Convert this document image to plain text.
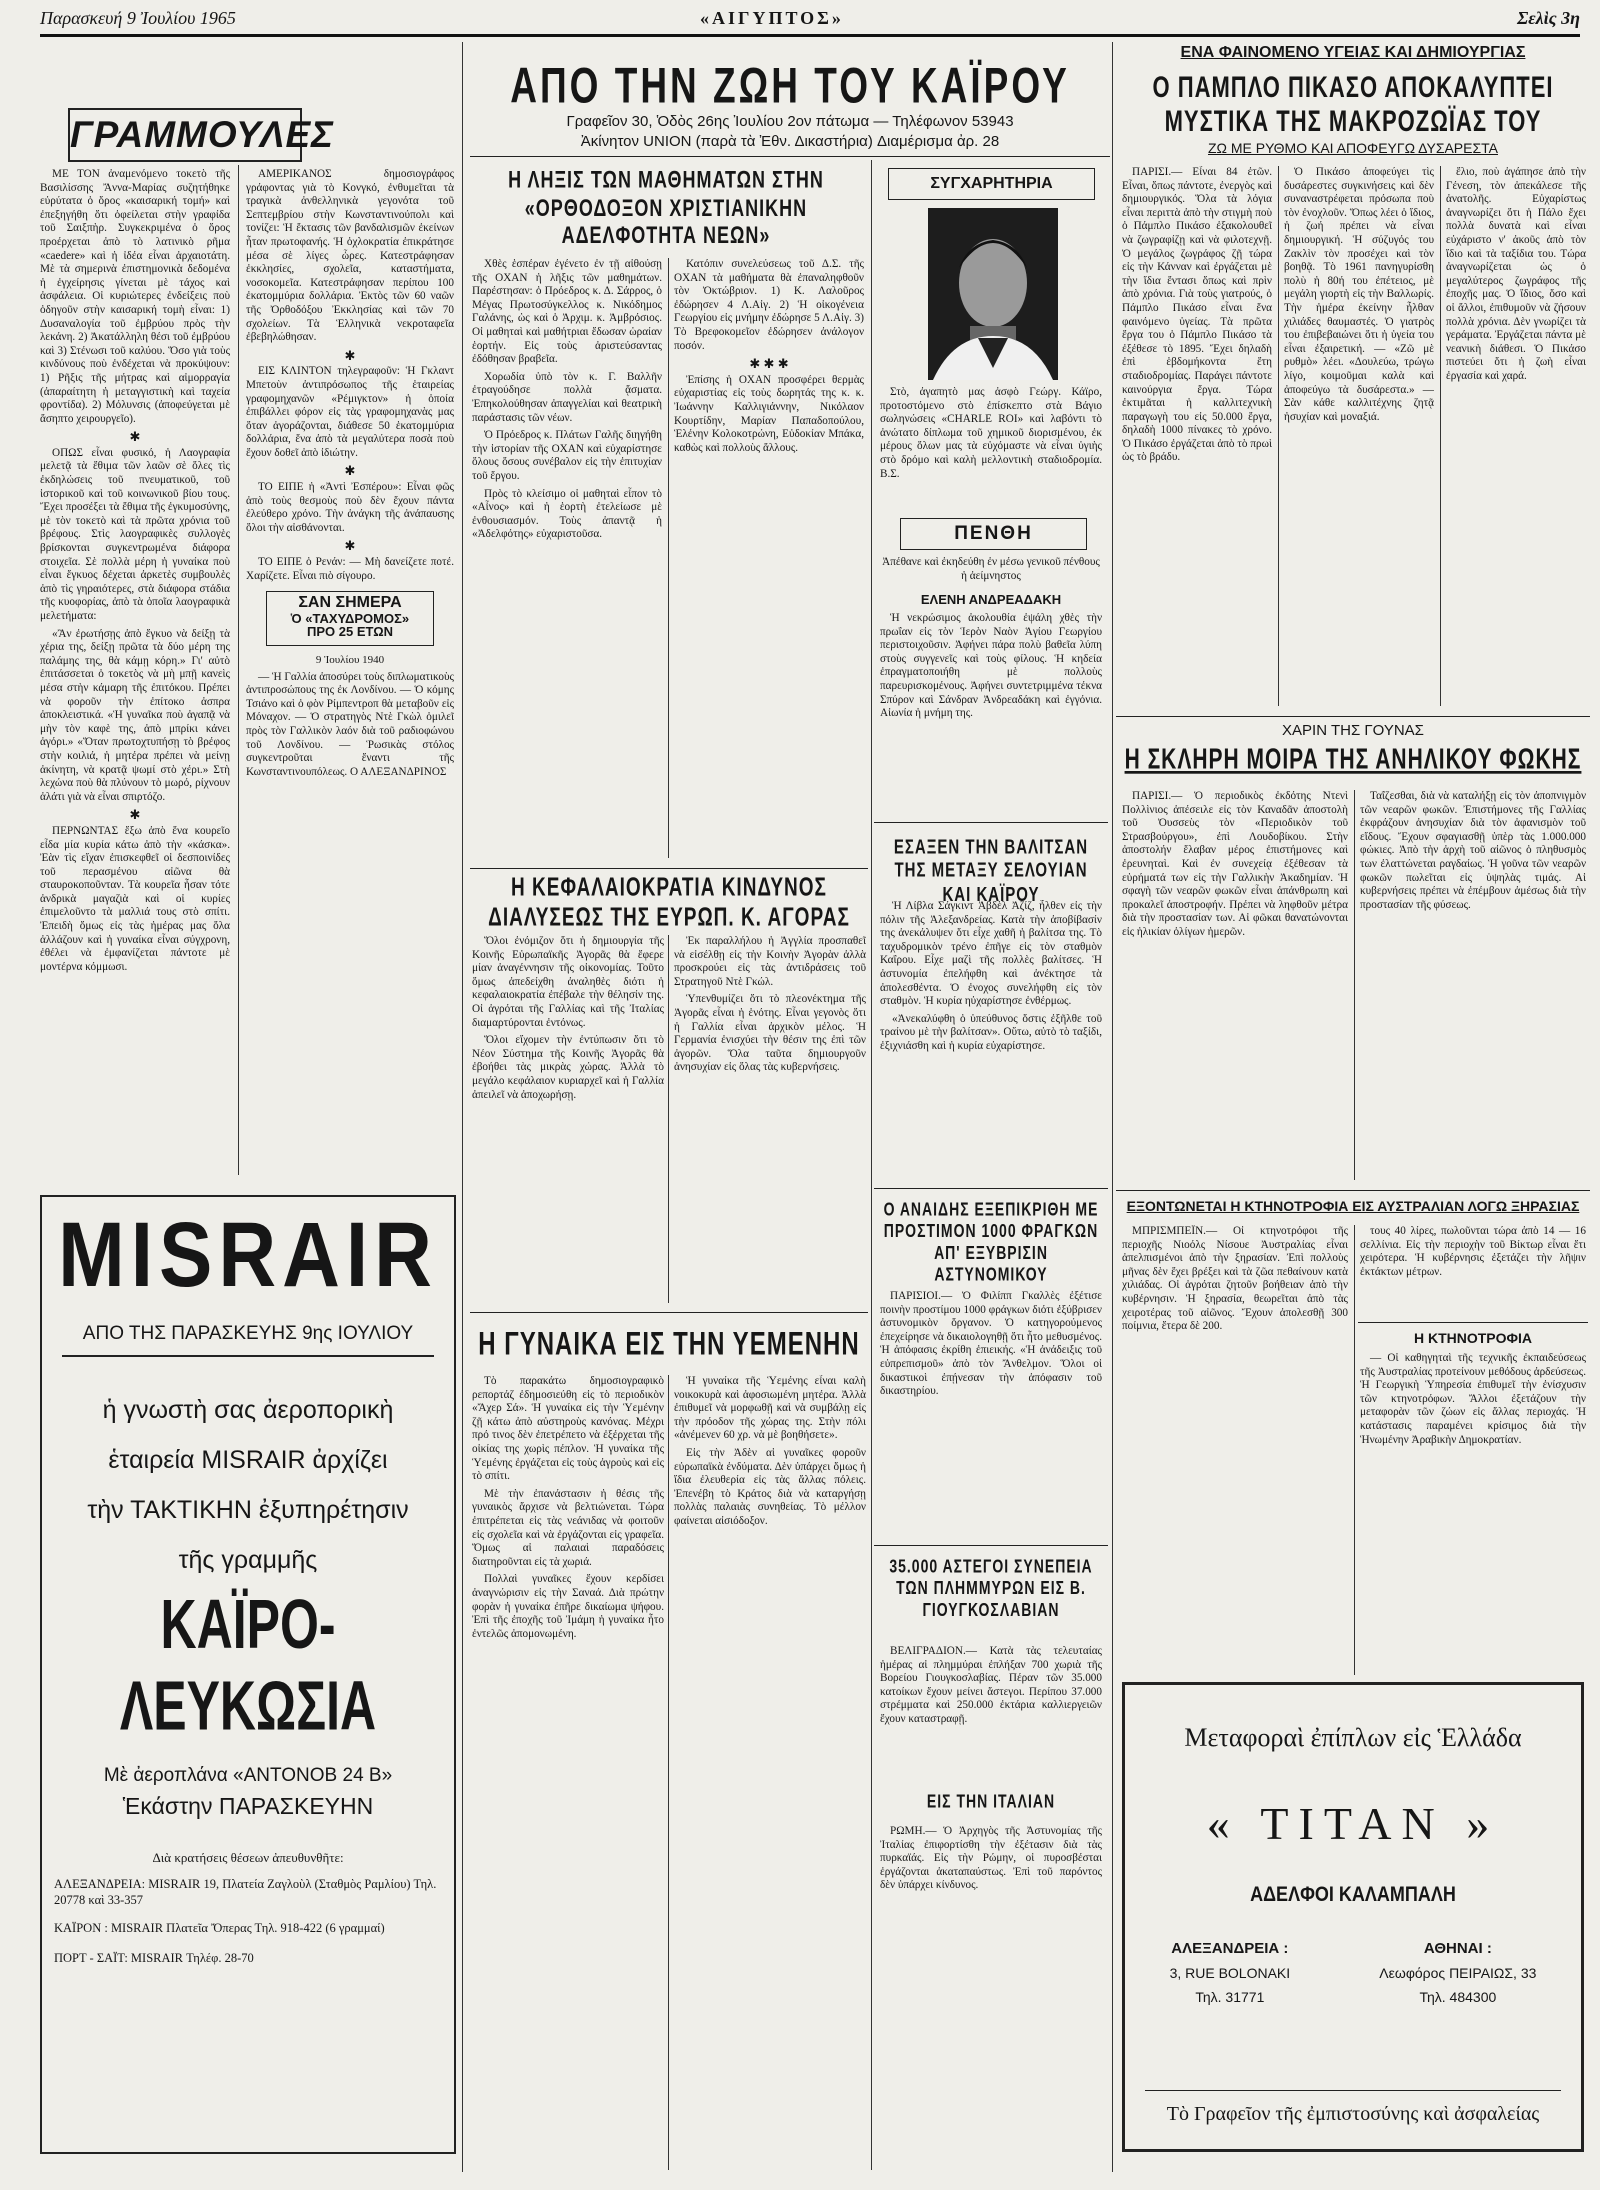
Παρασκευή 9 Ἰουλίου 1965	«ΑΙΓΥΠΤΟΣ»	Σελὶς 3η
ΓΡΑΜΜΟΥΛΕΣ

ΜΕ ΤΟΝ ἀναμενόμενο τοκετὸ τῆς Βασιλίσσης Ἄννα-Μαρίας συζητήθηκε εὐρύτατα ὁ ὅρος «καισαρική τομή» καὶ ἐπεξηγήθη ὅτι ὀφείλεται στὴν γραφίδα τοῦ Σαιξπὴρ. Συγκεκριμένα ὁ ὅρος προέρχεται ἀπὸ τὸ λατινικὸ ρῆμα «caedere» καὶ ἡ ἰδέα εἶναι ἀρχαιοτάτη. Μὲ τὰ σημερινὰ ἐπιστημονικὰ δεδομένα ἡ ἐγχείρησις γίνεται μὲ τάχος καὶ ἀσφάλεια. Οἱ κυριώτερες ἐνδείξεις ποὺ ὁδηγοῦν στὴν καισαρική τομὴ εἶναι: 1) Δυσαναλογία τοῦ ἐμβρύου πρὸς τὴν λεκάνη. 2) Ἀκατάλληλη θέσι τοῦ ἐμβρύου καὶ 3) Στένωσι τοῦ καλύου. Ὅσο γιὰ τοὺς κινδύνους ποὺ ἐνδέχεται νὰ προκύψουν: 1) Ρῆξις τῆς μήτρας καὶ αἱμορραγία (ἀπαραίτητη ἡ μεταγγιστικὴ καὶ ταχεία φροντίδα). 2) Μόλυνσις (ἀποφεύγεται μὲ ἄσηπτο χειρουργεῖο).

✱

ΟΠΩΣ εἶναι φυσικό, ἡ Λαογραφία μελετᾷ τὰ ἔθιμα τῶν λαῶν σὲ ὅλες τὶς ἐκδηλώσεις τοῦ πνευματικοῦ, τοῦ ἱστορικοῦ καὶ τοῦ κοινωνικοῦ βίου τους. Ἔχει προσέξει τὰ ἔθιμα τῆς ἐγκυμοσύνης, μὲ τὸν τοκετὸ καὶ τὰ πρῶτα χρόνια τοῦ βρέφους. Στὶς λαογραφικὲς συλλογὲς βρίσκονται συγκεντρωμένα διάφορα στοιχεῖα. Σὲ πολλὰ μέρη ἡ γυναίκα ποὺ εἶναι ἔγκυος δέχεται ἀρκετὲς συμβουλὲς ἀπὸ τὶς γηραιότερες, στὰ διάφορα στάδια τῆς κυοφορίας, ἀπὸ τὰ ὁποῖα λαογραφικὰ μελετήματα:

«Ἂν ἐρωτήσῃς ἀπὸ ἔγκυο νὰ δείξῃ τὰ χέρια της, δείξῃ πρῶτα τὰ δύο μέρη της παλάμης της, θὰ κάμῃ κόρη.» Γι' αὐτὸ ἐπιτάσσεται ὁ τοκετὸς νὰ μὴ μπῇ κανεὶς μέσα στὴν κάμαρη τῆς ἐπιτόκου. Πρέπει νὰ φοροῦν τὴν ἐπίτοκο ἀσπρα ἀποκλειστικά. «Ἡ γυναῖκα ποὺ ἀγαπᾷ νὰ μὴν τὸν καφὲ της, ἀπὸ μπρίκι κάνει ἀγόρι.» «Ὅταν πρωτοχτυπήσῃ τὸ βρέφος στὴν κοιλιά, ἡ μητέρα πρέπει νὰ μείνῃ ἀκίνητη, νὰ κρατᾷ ψωμί στὸ χέρι.» Στὴ λεχώνα ποὺ θὰ πλύνουν τὸ μωρό, ρίχνουν ἀλάτι γιὰ νὰ εἶναι σπιρτόζο.

✱

ΠΕΡΝΩΝΤΑΣ ἔξω ἀπὸ ἕνα κουρεῖο εἶδα μία κυρία κάτω ἀπὸ τὴν «κάσκα». Ἐὰν τὶς εἴχαν ἐπισκεφθεῖ οἱ δεσποινίδες τοῦ περασμένου αἰῶνα θὰ σταυροκοποῦνταν. Τὰ κουρεῖα ἦσαν τότε ἀνδρικὰ μαγαζιὰ καὶ οἱ κυρίες ἐπιμελοῦντο τὰ μαλλιά τους στὸ σπίτι. Ἐπειδὴ ὅμως εἰς τὰς ἡμέρας μας ὅλα ἀλλάζουν καὶ ἡ γυναίκα εἶναι σύγχρονη, ἐθέλει νὰ ἐμφανίζεται πάντοτε μὲ μοντέρνα κόμμωσι.

ΑΜΕΡΙΚΑΝΟΣ δημοσιογράφος γράφοντας γιὰ τὸ Κονγκό, ἐνθυμεῖται τὰ τραγικὰ ἀνθελληνικὰ γεγονότα τοῦ Σεπτεμβρίου στὴν Κωνσταντινούπολι καὶ τονίζει: Ἡ ἔκτασις τῶν βανδαλισμῶν ἐκείνων ἦταν πρωτοφανής. Ἡ ὀχλοκρατία ἐπικράτησε μέσα σὲ λίγες ὧρες. Κατεστράφησαν ἐκκλησίες, σχολεῖα, καταστήματα, νοσοκομεῖα. Κατεστράφησαν περίπου 100 ἐκατομμύρια δολλάρια. Ἐκτὸς τῶν 60 ναῶν τῆς Ὀρθοδόξου Ἐκκλησίας καὶ τῶν 70 σχολείων. Τὰ Ἑλληνικὰ νεκροταφεῖα ἐβεβηλώθησαν.

✱

ΕΙΣ ΚΛΙΝΤΟΝ τηλεγραφοῦν: Ἡ Γκλαντ Μπετοὺν ἀντιπρόσωπος τῆς ἑταιρείας γραφομηχανῶν «Ρέμιγκτον» ἡ ὁποία ἐπιβάλλει φόρον εἰς τὰς γραφομηχανὰς μας ὅταν ἀγοράζονται, διάθεσε 50 ἑκατομμύρια δολλάρια, ἕνα ἀπὸ τὰ μεγαλύτερα ποσὰ ποὺ ἔχουν δοθεῖ ἀπὸ ἰδιώτην.

✱

ΤΟ ΕΙΠΕ ἡ «Ἀντὶ Ἐσπέρου»: Εἶναι φῶς ἀπὸ τοὺς θεσμοὺς ποὺ δὲν ἔχουν πάντα ἐλεύθερο χρόνο. Τὴν ἀνάγκη τῆς ἀνάπαυσης ὅλοι τὴν αἰσθάνονται.

✱

ΤΟ ΕΙΠΕ ὁ Ρενάν: — Μὴ δανείζετε ποτέ. Χαρίζετε. Εἶναι πιὸ σίγουρο.

ΣΑΝ ΣΗΜΕΡΑ
Ὁ «ΤΑΧΥΔΡΟΜΟΣ» ΠΡΟ 25 ΕΤΩΝ
9 Ἰουλίου 1940

— Ἡ Γαλλία ἀποσύρει τοὺς διπλωματικοὺς ἀντιπροσώπους της ἐκ Λονδίνου. — Ὁ κόμης Τσιάνο καὶ ὁ φὸν Ρίμπεντροπ θὰ μεταβοῦν εἰς Μόναχον. — Ὁ στρατηγὸς Ντὲ Γκὼλ ὁμιλεῖ πρὸς τὸν Γαλλικὸν λαόν διὰ τοῦ ραδιοφώνου τοῦ Λονδίνου. — Ῥωσικὰς στόλος συγκεντροῦται ἔναντι τῆς Κωνσταντινουπόλεως. Ο ΑΛΕΞΑΝΔΡΙΝΟΣ

MISRAIR
ΑΠΟ ΤΗΣ ΠΑΡΑΣΚΕΥΗΣ 9ης ΙΟΥΛΙΟΥ
ἡ γνωστὴ σας ἀεροπορικὴ
ἑταιρεία MISRAIR ἀρχίζει
τὴν ΤΑΚΤΙΚΗΝ ἐξυπηρέτησιν
τῆς γραμμῆς
ΚΑΪΡΟ-ΛΕΥΚΩΣΙΑ
Μὲ ἀεροπλάνα «ΑΝΤΟΝΟΒ 24 Β»
Ἑκάστην ΠΑΡΑΣΚΕΥΗΝ
Διὰ κρατήσεις θέσεων ἀπευθυνθῆτε:
ΑΛΕΞΑΝΔΡΕΙΑ: MISRAIR 19, Πλατεία Ζαγλοὺλ (Σταθμὸς Ραμλίου) Τηλ. 20778 καὶ 33-357
ΚΑΪΡΟΝ : MISRAIR Πλατεῖα Ὄπερας Τηλ. 918-422 (6 γραμμαί)
ΠΟΡΤ - ΣΑΪΤ: MISRAIR Τηλέφ. 28-70
ΑΠΟ ΤΗΝ ΖΩΗ ΤΟΥ ΚΑΪΡΟΥ
Γραφεῖον 30, Ὁδὸς 26ης Ἰουλίου 2ον πάτωμα — Τηλέφωνον 53943
Ἀκίνητον UNION (παρὰ τὰ Ἐθν. Δικαστήρια) Διαμέρισμα ἀρ. 28
Η ΛΗΞΙΣ ΤΩΝ ΜΑΘΗΜΑΤΩΝ ΣΤΗΝ «ΟΡΘΟΔΟΞΟΝ ΧΡΙΣΤΙΑΝΙΚΗΝ ΑΔΕΛΦΟΤΗΤΑ ΝΕΩΝ»

Χθὲς ἑσπέραν ἐγένετο ἐν τῇ αἰθούσῃ τῆς ΟΧΑΝ ἡ λῆξις τῶν μαθημάτων. Παρέστησαν: ὁ Πρόεδρος κ. Δ. Σάρρος, ὁ Μέγας Πρωτοσύγκελλος κ. Νικόδημος Γαλάνης, ὡς καὶ ὁ Ἀρχιμ. κ. Ἀμβρόσιος. Οἱ μαθηταὶ καὶ μαθήτριαι ἔδωσαν ὡραίαν ἑορτήν. Εἰς τοὺς ἀριστεύσαντας ἐδόθησαν βραβεῖα.

Χορωδία ὑπὸ τὸν κ. Γ. Βαλλῆν ἐτραγούδησε πολλὰ ᾄσματα. Ἐπηκολούθησαν ἀπαγγελίαι καὶ θεατρικὴ παράστασις τῶν νέων.

Ὁ Πρόεδρος κ. Πλάτων Γαλῆς διηγήθη τὴν ἱστορίαν τῆς ΟΧΑΝ καὶ εὐχαρίστησε ὅλους ὅσους συνέβαλον εἰς τὴν ἐπιτυχίαν τοῦ ἔργου.

Πρὸς τὸ κλείσιμο οἱ μαθηταὶ εἶπον τὸ «Αἶνος» καὶ ἡ ἑορτὴ ἐτελείωσε μὲ ἐνθουσιασμόν. Τοὺς ἀπαντᾷ ἡ «Ἀδελφότης» εὐχαριστοῦσα.

Κατόπιν συνελεύσεως τοῦ Δ.Σ. τῆς ΟΧΑΝ τὰ μαθήματα θὰ ἐπαναληφθοῦν τὸν Ὀκτώβριον. 1) Κ. Λαλοῦρος ἐδώρησεν 4 Λ.Αἰγ. 2) Ἡ οἰκογένεια Γεωργίου εἰς μνήμην ἐδώρησε 5 Λ.Αἰγ. 3) Τὸ Βρεφοκομεῖον ἐδώρησεν ἀνάλογον ποσόν.

✱ ✱ ✱

Ἐπίσης ἡ ΟΧΑΝ προσφέρει θερμὰς εὐχαριστίας εἰς τοὺς δωρητάς της κ. κ. Ἰωάννην Καλλιγιάννην, Νικόλαον Κουρτίδην, Μαρίαν Παπαδοπούλου, Ἑλένην Κολοκοτρώνη, Εὐδοκίαν Μπάκα, καθὼς καὶ πολλοὺς ἄλλους.

ΣΥΓΧΑΡΗΤΗΡΙΑ
Στὸ, ἀγαπητὸ μας ἀσφὸ Γεώργ. Κάϊρο, προτοστόμενο στὸ ἐπίσκεπτο στὰ Βάγιο σωληνώσεις «CHARLE ROI» καὶ λαβόντι τὸ ἀνώτατο δίπλωμα τοῦ χημικοῦ διορισμένου, ἐκ μέρους ὅλων μας τὰ εὐχόμαστε νὰ εἶναι ὑγιὴς στὸ δρόμο καὶ καλὴ μελλοντικὴ σταδιοδρομία. Β.Σ.
ΠΕΝΘΗ
Ἀπέθανε καὶ ἐκηδεύθη ἐν μέσω γενικοῦ πένθους ἡ ἀείμνηστος
ΕΛΕΝΗ ΑΝΔΡΕΑΔΑΚΗ
Ἡ νεκρώσιμος ἀκολουθία ἐψάλη χθὲς τὴν πρωΐαν εἰς τὸν Ἱερὸν Ναὸν Ἁγίου Γεωργίου περιστοιχοῦσιν. Ἀφήνει πάρα πολὺ βαθεῖα λύπη στοὺς συγγενεῖς καὶ τοὺς φίλους. Ἡ κηδεία ἐπραγματοποιήθη μὲ πολλοὺς παρευρισκομένους. Ἀφήνει συντετριμμένα τέκνα Σπύρον καὶ Σάνδραν Ἀνδρεαδάκη καὶ ἐγγόνια. Αἰωνία ἡ μνήμη της.
Η ΚΕΦΑΛΑΙΟΚΡΑΤΙΑ ΚΙΝΔΥΝΟΣ ΔΙΑΛΥΣΕΩΣ ΤΗΣ ΕΥΡΩΠ. Κ. ΑΓΟΡΑΣ

Ὅλοι ἐνόμιζον ὅτι ἡ δημιουργία τῆς Κοινῆς Εὐρωπαϊκῆς Ἀγορᾶς θὰ ἔφερε μίαν ἀναγέννησιν τῆς οἰκονομίας. Τοῦτο ὅμως ἀπεδείχθη ἀναληθὲς διότι ἡ κεφαλαιοκρατία ἐπέβαλε τὴν θέλησίν της. Οἱ ἀγρόται τῆς Γαλλίας καὶ τῆς Ἰταλίας διαμαρτύρονται ἐντόνως.

Ὅλοι εἴχομεν τὴν ἐντύπωσιν ὅτι τὸ Νέον Σύστημα τῆς Κοινῆς Ἀγορᾶς θὰ ἐβοήθει τὰς μικρὰς χώρας. Ἀλλὰ τὸ μεγάλο κεφάλαιον κυριαρχεῖ καὶ ἡ Γαλλία ἀπειλεῖ νὰ ἀποχωρήσῃ.

Ἐκ παραλλήλου ἡ Ἀγγλία προσπαθεῖ νὰ εἰσέλθῃ εἰς τὴν Κοινὴν Ἀγορὰν ἀλλὰ προσκρούει εἰς τὰς ἀντιδράσεις τοῦ Στρατηγοῦ Ντὲ Γκώλ.

Ὑπενθυμίζει ὅτι τὸ πλεονέκτημα τῆς Ἀγορᾶς εἶναι ἡ ἑνότης. Εἶναι γεγονὸς ὅτι ἡ Γαλλία εἶναι ἀρχικὸν μέλος. Ἡ Γερμανία ἐνισχύει τὴν θέσιν της ἐπὶ τῶν ἀγορῶν. Ὅλα ταῦτα δημιουργοῦν ἀνησυχίαν εἰς ὅλας τὰς κυβερνήσεις.

Η ΓΥΝΑΙΚΑ ΕΙΣ ΤΗΝ ΥΕΜΕΝΗΝ

Τὸ παρακάτω δημοσιογραφικὸ ρεπορτάζ ἐδημοσιεύθη εἰς τὸ περιοδικὸν «Ἄχερ Σά». Ἡ γυναίκα εἰς τὴν Ὑεμένην ζῇ κάτω ἀπὸ αὐστηροὺς κανόνας. Μέχρι πρό τινος δὲν ἐπετρέπετο νὰ ἐξέρχεται τῆς οἰκίας της χωρὶς πέπλον. Ἡ γυναίκα τῆς Ὑεμένης ἐργάζεται εἰς τοὺς ἀγροὺς καὶ εἰς τὸ σπίτι.

Μὲ τὴν ἐπανάστασιν ἡ θέσις τῆς γυναικὸς ἄρχισε νὰ βελτιώνεται. Τώρα ἐπιτρέπεται εἰς τὰς νεάνιδας νὰ φοιτοῦν εἰς σχολεῖα καὶ νὰ ἐργάζονται εἰς γραφεῖα. Ὅμως αἱ παλαιαὶ παραδόσεις διατηροῦνται εἰς τὰ χωριά.

Πολλαὶ γυναῖκες ἔχουν κερδίσει ἀναγνώρισιν εἰς τὴν Σαναά. Διὰ πρώτην φορὰν ἡ γυναίκα ἐπῆρε δικαίωμα ψήφου. Ἐπὶ τῆς ἐποχῆς τοῦ Ἰμάμη ἡ γυναίκα ἦτο ἐντελῶς ἀπομονωμένη.

Ἡ γυναίκα τῆς Ὑεμένης εἶναι καλὴ νοικοκυρὰ καὶ ἀφοσιωμένη μητέρα. Ἀλλὰ ἐπιθυμεῖ νὰ μορφωθῇ καὶ νὰ συμβάλῃ εἰς τὴν πρόοδον τῆς χώρας της. Στὴν πόλι «ἀνέμενεν 60 χρ. νὰ μὲ βοηθήσετε».

Εἰς τὴν Ἀδὲν αἱ γυναῖκες φοροῦν εὐρωπαϊκὰ ἐνδύματα. Δὲν ὑπάρχει ὅμως ἡ ἴδια ἐλευθερία εἰς τὰς ἄλλας πόλεις. Ἐπενέβη τὸ Κράτος διὰ νὰ καταργήσῃ πολλὰς παλαιὰς συνηθείας. Τὸ μέλλον φαίνεται αἰσιόδοξον.

ΕΣΑΞΕΝ ΤΗΝ ΒΑΛΙΤΣΑΝ ΤΗΣ ΜΕΤΑΞΥ ΣΕΛΟΥΙΑΝ ΚΑΙ ΚΑΪΡΟΥ

Ἡ Λίβλα Σάγκιντ Ἀβδὲλ Ἀζίζ, ἦλθεν εἰς τὴν πόλιν τῆς Ἀλεξανδρείας. Κατὰ τὴν ἀποβίβασίν της ἀνεκάλυψεν ὅτι εἶχε χαθῆ ἡ βαλίτσα της. Τὸ ταχυδρομικὸν τρένο ἐπῆγε εἰς τὸν σταθμὸν Καΐρου. Εἶχε μαζὶ τῆς πολλὲς βαλίτσες. Ἡ ἀστυνομία ἐπελήφθη καὶ ἀνέκτησε τὰ ἀπολεσθέντα. Ὁ ἐνοχος συνελήφθη εἰς τὸν σταθμὸν. Ἡ κυρία ηὐχαρίστησε ἐνθέρμως.

«Ἀνεκαλύφθη ὁ ὑπεύθυνος ὅστις ἐξῆλθε τοῦ τραίνου μὲ τὴν βαλίτσαν». Οὕτω, αὐτὸ τὸ ταξίδι, ἐξιχνιάσθη καὶ ἡ κυρία εὐχαρίστησε.

Ο ΑΝΑΙΔΗΣ ΕΞΕΠΙΚΡΙΘΗ ΜΕ ΠΡΟΣΤΙΜΟΝ 1000 ΦΡΑΓΚΩΝ ΑΠ' ΕΞΥΒΡΙΣΙΝ ΑΣΤΥΝΟΜΙΚΟΥ
ΠΑΡΙΣΙΟΙ.— Ὁ Φιλίππ Γκαλλὲς ἐξέτισε ποινὴν προστίμου 1000 φράγκων διότι ἐξύβρισεν ἀστυνομικὸν ὅργανον. Ὁ κατηγορούμενος ἐπεχείρησε νὰ δικαιολογηθῇ ὅτι ἦτο μεθυσμένος. Ἡ ἀπόφασις ἐκρίθη ἐπιεικής. «Ἡ ἀνάδειξις τοῦ εὐπρεπισμοῦ» ἀπὸ τὸν Ἄνθελμον. Ὅλοι οἱ δικαστικοὶ ἐπῄνεσαν τὴν ἀπόφασιν τοῦ δικαστηρίου.
35.000 ΑΣΤΕΓΟΙ ΣΥΝΕΠΕΙΑ ΤΩΝ ΠΛΗΜΜΥΡΩΝ ΕΙΣ Β. ΓΙΟΥΓΚΟΣΛΑΒΙΑΝ
ΒΕΛΙΓΡΑΔΙΟΝ.— Κατὰ τὰς τελευταίας ἡμέρας αἱ πλημμύραι ἐπλήξαν 700 χωριὰ τῆς Βορείου Γιουγκοσλαβίας. Πέραν τῶν 35.000 κατοίκων ἔχουν μείνει ἄστεγοι. Περίπου 37.000 στρέμματα καὶ 250.000 ἐκτάρια καλλιεργειῶν ἔχουν καταστραφῇ.
ΕΙΣ ΤΗΝ ΙΤΑΛΙΑΝ
ΡΩΜΗ.— Ὁ Ἀρχηγὸς τῆς Ἀστυνομίας τῆς Ἰταλίας ἐπιφορτίσθη τὴν ἐξέτασιν διὰ τὰς πυρκαϊάς. Εἰς τὴν Ρώμην, οἱ πυροσβέσται ἐργάζονται ἀκαταπαύστως. Ἐπὶ τοῦ παρόντος δὲν ὑπάρχει κίνδυνος.
ΕΝΑ ΦΑΙΝΟΜΕΝΟ ΥΓΕΙΑΣ ΚΑΙ ΔΗΜΙΟΥΡΓΙΑΣ
Ο ΠΑΜΠΛΟ ΠΙΚΑΣΟ ΑΠΟΚΑΛΥΠΤΕΙ ΜΥΣΤΙΚΑ ΤΗΣ ΜΑΚΡΟΖΩΪΑΣ ΤΟΥ
ΖΩ ΜΕ ΡΥΘΜΟ ΚΑΙ ΑΠΟΦΕΥΓΩ ΔΥΣΑΡΕΣΤΑ
ΠΑΡΙΣΙ.— Εἶναι 84 ἐτῶν. Εἶναι, ὅπως πάντοτε, ἐνεργὸς καὶ δημιουργικός. Ὅλα τὰ λόγια εἶναι περιττὰ ἀπὸ τὴν στιγμὴ ποὺ ὁ Πάμπλο Πικάσο ἐξακολουθεῖ νὰ ζωγραφίζῃ καὶ νὰ φιλοτεχνῇ. Ὁ μεγάλος ζωγράφος ζῇ τώρα εἰς τὴν Κάνναν καὶ ἐργάζεται μὲ τὴν ἴδια ἔντασι ὅπως καὶ πρὶν ἀπὸ χρόνια. Γιὰ τοὺς γιατρούς, ὁ Πάμπλο Πικάσο εἶναι ἕνα φαινόμενο ὑγείας. Τὰ πρῶτα ἔργα του ὁ Πάμπλο Πικάσο τὰ ἐξέθεσε τὸ 1895. Ἔχει δηλαδὴ ἐπὶ ἑβδομήκοντα ἔτη σταδιοδρομίας. Παράγει πάντοτε καινούργια ἔργα. Τώρα ἐκτιμᾶται ἡ καλλιτεχνικὴ παραγωγὴ του εἰς 50.000 ἔργα, δηλαδὴ 1000 πίνακες τὸ χρόνο. Ὁ Πικάσο ἐργάζεται ἀπὸ τὸ πρωὶ ὡς τὸ βράδυ.
Ὁ Πικάσο ἀποφεύγει τὶς δυσάρεστες συγκινήσεις καὶ δὲν συναναστρέφεται πρόσωπα ποὺ τὸν ἐνοχλοῦν. Ὅπως λέει ὁ ἴδιος, ἡ ζωή πρέπει νὰ εἶναι δημιουργική. Ἡ σύζυγός του Ζακλὶν τὸν προσέχει καὶ τὸν βοηθᾷ. Τὸ 1961 πανηγυρίσθη πολὺ ἡ 80ή του ἐπέτειος, μὲ μεγάλη γιορτὴ εἰς τὴν Βαλλωρίς. Τὴν ἡμέρα ἐκείνην ἦλθαν χιλιάδες θαυμαστές. Ὁ γιατρὸς του ἐπιβεβαιώνει ὅτι ἡ ὑγεία του εἶναι ἐξαιρετική. — «Ζῶ μὲ ρυθμὸ» λέει. «Δουλεύω, τρώγω λίγο, κοιμοῦμαι καλὰ καὶ ἀποφεύγω τὰ δυσάρεστα.» — Σὰν κάθε καλλιτέχνης ζητᾷ ἡσυχίαν καὶ μοναξιά.
ἔλιο, ποὺ ἀγάπησε ἀπὸ τὴν Γένεση, τὸν ἀπεκάλεσε τῆς ἀνατολῆς. Εὐχαρίστως ἀναγνωρίζει ὅτι ἡ Πάλο ἔχει πολλὰ δυνατὰ καὶ εἶναι εὐχάριστο ν' ἀκοῦς ἀπὸ τὸν ἴδιο καὶ τὰ ταξίδια του. Τώρα ἀναγνωρίζεται ὡς ὁ μεγαλύτερος ζωγράφος τῆς ἐποχῆς μας. Ὁ ἴδιος, ὅσο καὶ οἱ ἄλλοι, ἐπιθυμοῦν νὰ ζήσουν πολλὰ χρόνια. Δὲν γνωρίζει τὰ γεράματα. Ἐργάζεται πάντα μὲ νεανικὴ διάθεσι. Ὁ Πικάσο πιστεύει ὅτι ἡ ζωὴ εἶναι ἐργασία καὶ χαρά.
ΧΑΡΙΝ ΤΗΣ ΓΟΥΝΑΣ
Η ΣΚΛΗΡΗ ΜΟΙΡΑ ΤΗΣ ΑΝΗΛΙΚΟΥ ΦΩΚΗΣ
ΠΑΡΙΣΙ.— Ὁ περιοδικὸς ἐκδότης Ντενὶ Πολλὶνιος ἀπέσειλε εἰς τὸν Καναδᾶν ἀποστολὴ τοῦ Ὀυσσεὺς τὸν «Περιοδικὸν τοῦ Στρασβούργου», ἐπὶ Λουδοβίκου. Στὴν ἀποστολήν ἔλαβαν μέρος ἐπιστήμονες καὶ ἐρευνηταὶ. Καὶ ἐν συνεχείᾳ ἐξέθεσαν τὰ εὑρήματά των εἰς τὴν Γαλλικὴν Ἀκαδημίαν. Ἡ σφαγὴ τῶν νεαρῶν φωκῶν εἶναι ἀπάνθρωπη καὶ προκαλεῖ ἀποστροφήν. Πρέπει νὰ ληφθοῦν μέτρα διὰ τὴν προστασίαν των. Αἱ φῶκαι θανατώνονται εἰς ἡλικίαν ὀλίγων ἡμερῶν.
Ταΐζεσθαι, διὰ νὰ καταλήξῃ εἰς τὸν ἀποπνιγμὸν τῶν νεαρῶν φωκῶν. Ἐπιστήμονες τῆς Γαλλίας ἐκφράζουν ἀνησυχίαν διὰ τὸν ἀφανισμὸν τοῦ εἴδους. Ἔχουν σφαγιασθῇ ὑπὲρ τὰς 1.000.000 φώκιες. Ἀπὸ τὴν ἀρχὴ τοῦ αἰῶνος ὁ πληθυσμὸς των ἐλαττώνεται ραγδαίως. Ἡ γοῦνα τῶν νεαρῶν φωκῶν πωλεῖται εἰς ὑψηλὰς τιμάς. Αἱ κυβερνήσεις πρέπει νὰ ἐπέμβουν ἀμέσως διὰ τὴν προστασίαν τῆς φύσεως.
ΕΞΟΝΤΩΝΕΤΑΙ Η ΚΤΗΝΟΤΡΟΦΙΑ ΕΙΣ ΑΥΣΤΡΑΛΙΑΝ ΛΟΓΩ ΞΗΡΑΣΙΑΣ
ΜΠΡΙΣΜΠΕΪΝ.— Οἱ κτηνοτρόφοι τῆς περιοχῆς Νιοόλς Νίσουε Ἀυστραλίας εἶναι ἀπελπισμένοι ἀπὸ τὴν ξηρασίαν. Ἐπὶ πολλοὺς μῆνας δὲν ἔχει βρέξει καὶ τὰ ζῶα πεθαίνουν κατὰ χιλιάδας. Οἱ ἀγρόται ζητοῦν βοήθειαν ἀπὸ τὴν κυβέρνησιν. Ἡ ξηρασία, θεωρεῖται ἀπὸ τὰς χειροτέρας τοῦ αἰῶνος. Ἔχουν ἀπολεσθῇ 300 ποίμνια, ἕτερα δὲ 200.
τους 40 λίρες, πωλοῦνται τώρα ἀπὸ 14 — 16 σελλίνια. Εἰς τὴν περιοχὴν τοῦ Βίκτωρ εἶναι ἔτι χειρότερα. Ἡ κυβέρνησις ἐξετάζει τὴν λῆψιν ἐκτάκτων μέτρων.
Η ΚΤΗΝΟΤΡΟΦΙΑ
— Οἱ καθηγηταὶ τῆς τεχνικῆς ἐκπαιδεύσεως τῆς Ἀυστραλίας προτείνουν μεθόδους ἀρδεύσεως. Ἡ Γεωργικὴ Ὑπηρεσία ἐπιθυμεῖ τὴν ἐνίσχυσιν τῶν κτηνοτρόφων. Ἄλλοι ἐξετάζουν τὴν μεταφορὰν τῶν ζώων εἰς ἄλλας περιοχάς. Ἡ κατάστασις παραμένει κρίσιμος διὰ τὴν Ἡνωμένην Ἀραβικὴν Δημοκρατίαν.
Μεταφοραὶ ἐπίπλων εἰς Ἑλλάδα
« ΤΙΤΑΝ »
ΑΔΕΛΦΟΙ ΚΑΛΑΜΠΑΛΗ
ΑΛΕΞΑΝΔΡΕΙΑ :
3, RUE BOLONAKI
Τηλ. 31771
ΑΘΗΝΑΙ :
Λεωφόρος ΠΕΙΡΑΙΩΣ, 33
Τηλ. 484300
Τὸ Γραφεῖον τῆς ἐμπιστοσύνης καὶ ἀσφαλείας
